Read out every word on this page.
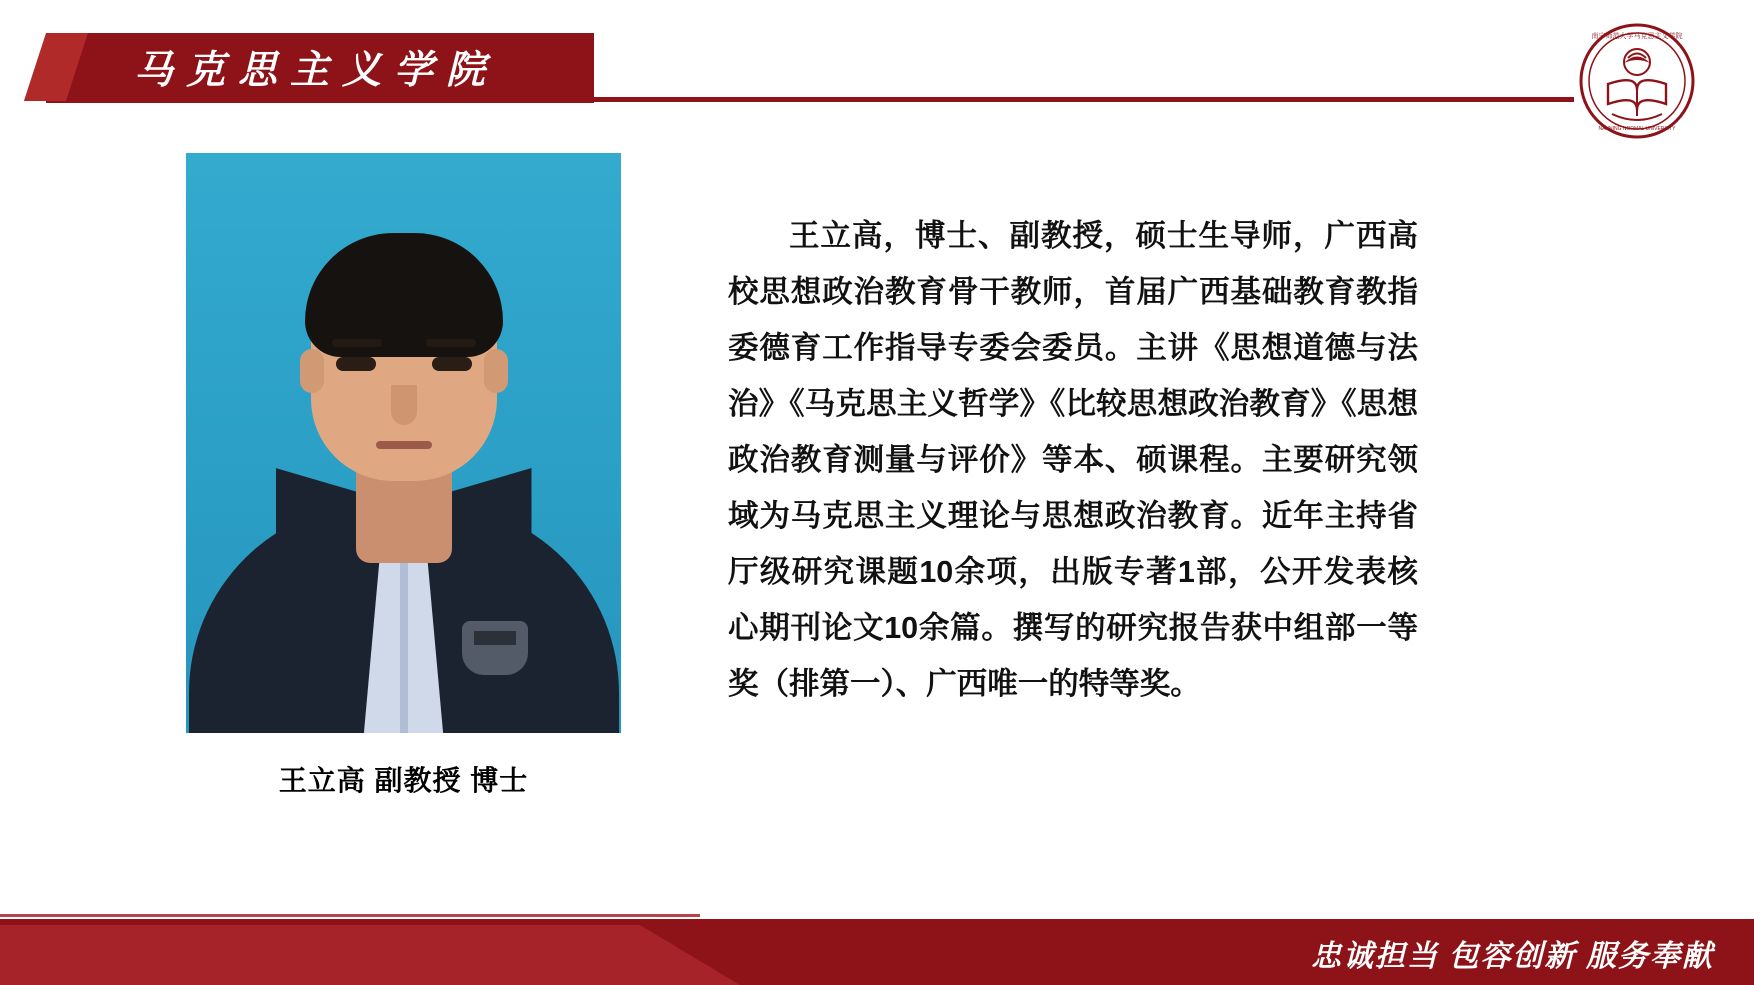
马克思主义学院
南宁师范大学马克思主义学院
NANNING NORMAL UNIVERSITY
王立高 副教授 博士
王立高，博士、副教授，硕士生导师，广西高校思想政治教育骨干教师，首届广西基础教育教指委德育工作指导专委会委员。主讲《思想道德与法治》《马克思主义哲学》《比较思想政治教育》《思想政治教育测量与评价》等本、硕课程。主要研究领域为马克思主义理论与思想政治教育。近年主持省厅级研究课题10余项，出版专著1部，公开发表核心期刊论文10余篇。撰写的研究报告获中组部一等奖（排第一）、广西唯一的特等奖。
忠诚担当 包容创新 服务奉献
